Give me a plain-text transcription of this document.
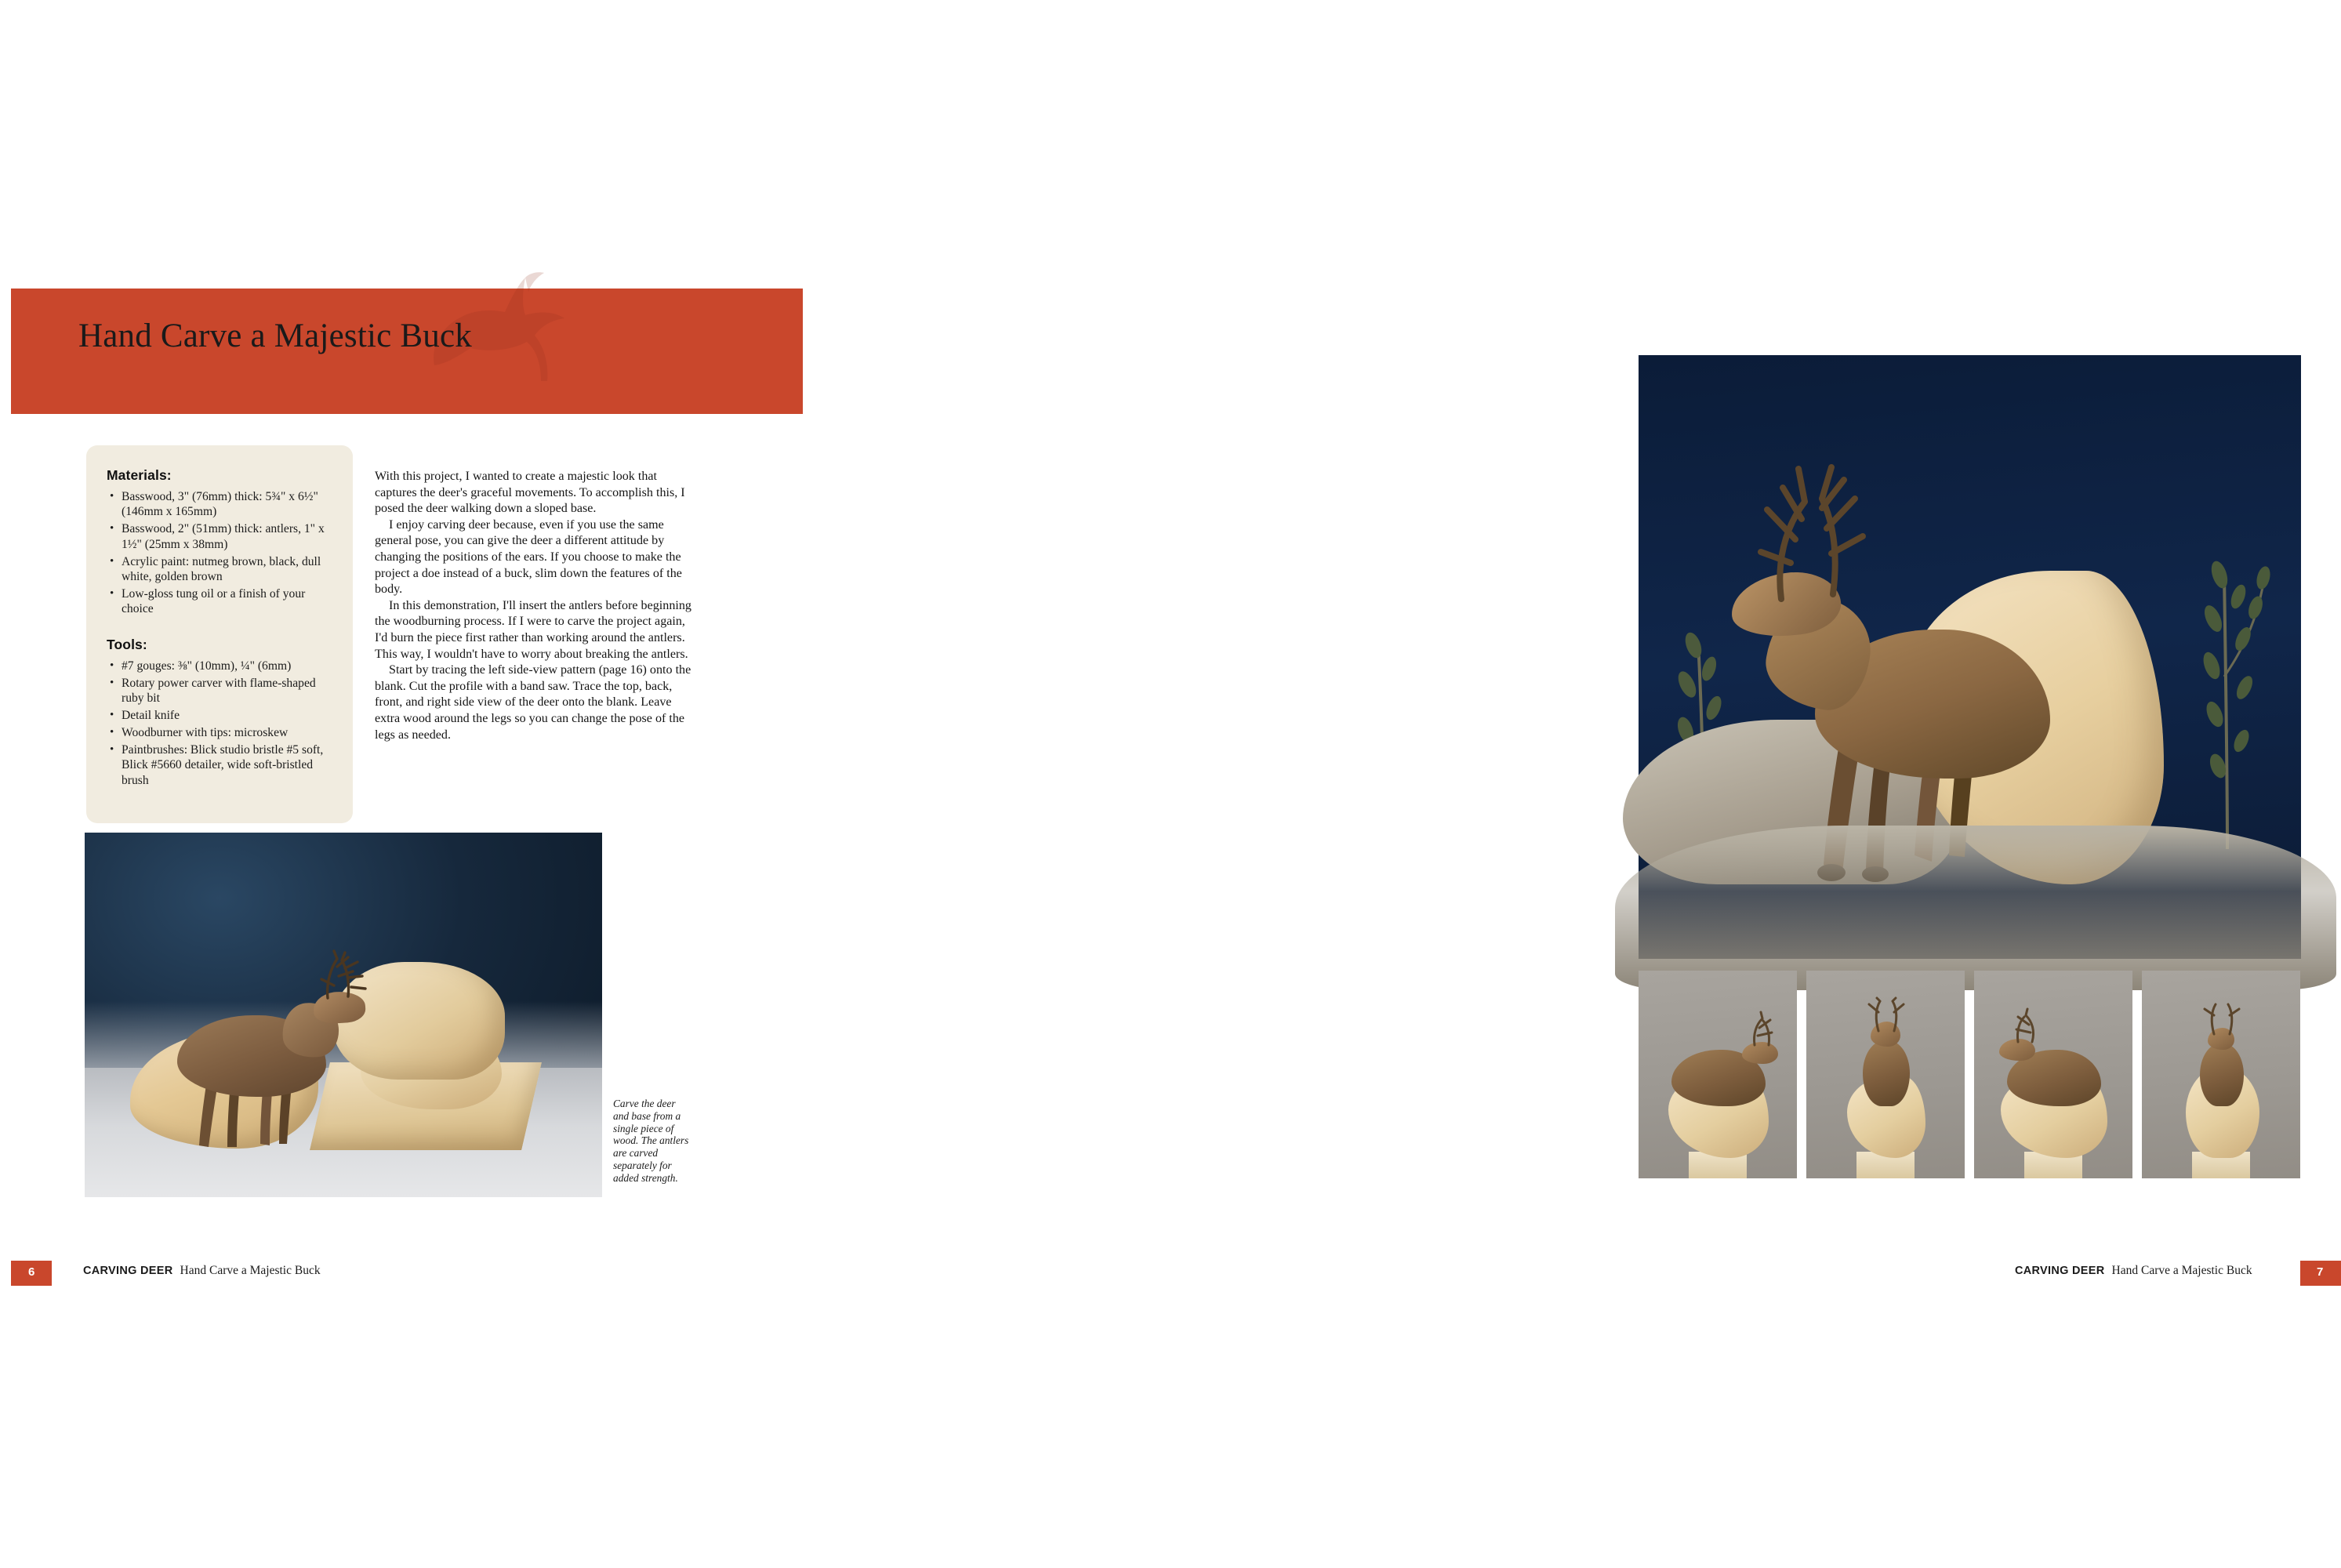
Hand Carve a Majestic Buck
Materials:
• Basswood, 3" (76mm) thick: 5¾" x 6½" (146mm x 165mm)
• Basswood, 2" (51mm) thick: antlers, 1" x 1½" (25mm x 38mm)
• Acrylic paint: nutmeg brown, black, dull white, golden brown
• Low-gloss tung oil or a finish of your choice
Tools:
• #7 gouges: ⅜" (10mm), ¼" (6mm)
• Rotary power carver with flame-shaped ruby bit
• Detail knife
• Woodburner with tips: microskew
• Paintbrushes: Blick studio bristle #5 soft, Blick #5660 detailer, wide soft-bristled brush

With this project, I wanted to create a majestic look that captures the deer's graceful movements. To accomplish this, I posed the deer walking down a sloped base.

I enjoy carving deer because, even if you use the same general pose, you can give the deer a different attitude by changing the positions of the ears. If you choose to make the project a doe instead of a buck, slim down the features of the body.

In this demonstration, I'll insert the antlers before beginning the woodburning process. If I were to carve the project again, I'd burn the piece first rather than working around the antlers. This way, I wouldn't have to worry about breaking the antlers.

Start by tracing the left side-view pattern (page 16) onto the blank. Cut the profile with a band saw. Trace the top, back, front, and right side view of the deer onto the blank. Leave extra wood around the legs so you can change the pose of the legs as needed.

Carve the deer and base from a single piece of wood. The antlers are carved separately for added strength.
6	CARVING DEER Hand Carve a Majestic Buck	7
CARVING DEER Hand Carve a Majestic Buck
